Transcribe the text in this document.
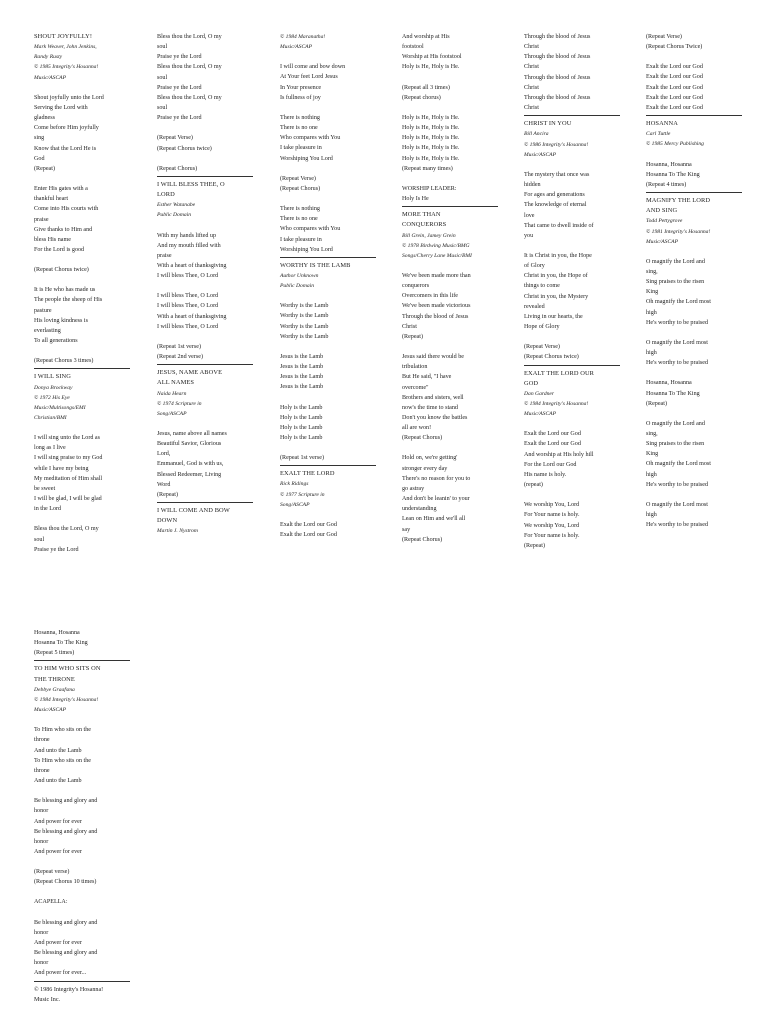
SHOUT JOYFULLY!

Mark Weaver, John Jenkins,

Randy Rusty

© 1985 Integrity's Hosanna!

Music/ASCAP

Shout joyfully unto the Lord

Serving the Lord with

gladness

Come before Him joyfully

sing

Know that the Lord He is

God

(Repeat)

Enter His gates with a

thankful heart

Come into His courts with

praise

Give thanks to Him and

bless His name

For the Lord is good

(Repeat Chorus twice)

It is He who has made us

The people the sheep of His

pasture

His loving kindness is

everlasting

To all generations

(Repeat Chorus 3 times)

I WILL SING

Donya Brockway

© 1972 His Eye

Music/Multisongs/EMI

Christian/BMI

I will sing unto the Lord as

long as I live

I will sing praise to my God

while I have my being

My meditation of Him shall

be sweet

I will be glad, I will be glad

in the Lord

Bless thou the Lord, O my

soul

Praise ye the Lord

Bless thou the Lord, O my

soul

Praise ye the Lord

Bless thou the Lord, O my

soul

Praise ye the Lord

Bless thou the Lord, O my

soul

Praise ye the Lord

(Repeat Verse)

(Repeat Chorus twice)

(Repeat Chorus)

I WILL BLESS THEE, O

LORD

Esther Watanabe

Public Domain

With my hands lifted up

And my mouth filled with

praise

With a heart of thanksgiving

I will bless Thee, O Lord

I will bless Thee, O Lord

I will bless Thee, O Lord

With a heart of thanksgiving

I will bless Thee, O Lord

(Repeat 1st verse)

(Repeat 2nd verse)

JESUS, NAME ABOVE

ALL NAMES

Naida Hearn

© 1974 Scripture in

Song/ASCAP

Jesus, name above all names

Beautiful Savior, Glorious

Lord,

Emmanuel, God is with us,

Blessed Redeemer, Living

Word

(Repeat)

I WILL COME AND BOW

DOWN

Martin J. Nystrom

© 1984 Maranatha!

Music/ASCAP

I will come and bow down

At Your feet Lord Jesus

In Your presence

Is fullness of joy

There is nothing

There is no one

Who compares with You

I take pleasure in

Worshiping You Lord

(Repeat Verse)

(Repeat Chorus)

There is nothing

There is no one

Who compares with You

I take pleasure in

Worshiping You Lord

WORTHY IS THE LAMB

Author Unknown

Public Domain

Worthy is the Lamb

Worthy is the Lamb

Worthy is the Lamb

Worthy is the Lamb

Jesus is the Lamb

Jesus is the Lamb

Jesus is the Lamb

Jesus is the Lamb

Holy is the Lamb

Holy is the Lamb

Holy is the Lamb

Holy is the Lamb

(Repeat 1st verse)

EXALT THE LORD

Rick Ridings

© 1977 Scripture in

Song/ASCAP

Exalt the Lord our God

Exalt the Lord our God

And worship at His

footstool

Worship at His footstool

Holy is He, Holy is He.

(Repeat all 3 times)

(Repeat chorus)

Holy is He, Holy is He.

Holy is He, Holy is He.

Holy is He, Holy is He.

Holy is He, Holy is He.

Holy is He, Holy is He.

(Repeat many times)

WORSHIP LEADER:

Holy Is He

MORE THAN

CONQUERORS

Bill Grein, Jamey Grein

© 1978 Birdwing Music/BMG

Songs/Cherry Lane Music/BMI

We've been made more than

conquerors

Overcomers in this life

We've been made victorious

Through the blood of Jesus

Christ

(Repeat)

Jesus said there would be

tribulation

But He said, "I have

overcome"

Brothers and sisters, well

now's the time to stand

Don't you know the battles

all are won!

(Repeat Chorus)

Hold on, we're getting'

stronger every day

There's no reason for you to

go astray

And don't be leanin' to your

understanding

Lean on Him and we'll all

say

(Repeat Chorus)

Through the blood of Jesus

Christ

Through the blood of Jesus

Christ

Through the blood of Jesus

Christ

Through the blood of Jesus

Christ

CHRIST IN YOU

Bill Ancira

© 1986 Integrity's Hosanna!

Music/ASCAP

The mystery that once was

hidden

For ages and generations

The knowledge of eternal

love

That came to dwell inside of

you

It is Christ in you, the Hope

of Glory

Christ in you, the Hope of

things to come

Christ in you, the Mystery

revealed

Living in our hearts, the

Hope of Glory

(Repeat Verse)

(Repeat Chorus twice)

EXALT THE LORD OUR

GOD

Dan Gardner

© 1984 Integrity's Hosanna!

Music/ASCAP

Exalt the Lord our God

Exalt the Lord our God

And worship at His holy hill

For the Lord our God

His name is holy.

(repeat)

We worship You, Lord

For Your name is holy.

We worship You, Lord

For Your name is holy.

(Repeat)

(Repeat Verse)

(Repeat Chorus Twice)

Exalt the Lord our God

Exalt the Lord our God

Exalt the Lord our God

Exalt the Lord our God

Exalt the Lord our God

HOSANNA

Carl Tuttle

© 1985 Mercy Publishing

Hosanna, Hosanna

Hosanna To The King

(Repeat 4 times)

MAGNIFY THE LORD

AND SING

Todd Pettygrove

© 1981 Integrity's Hosanna!

Music/ASCAP

O magnify the Lord and

sing,

Sing praises to the risen

King

Oh magnify the Lord most

high

He's worthy to be praised

O magnify the Lord most

high

He's worthy to be praised

Hosanna, Hosanna

Hosanna To The King

(Repeat)

O magnify the Lord and

sing,

Sing praises to the risen

King

Oh magnify the Lord most

high

He's worthy to be praised

O magnify the Lord most

high

He's worthy to be praised

Hosanna, Hosanna

Hosanna To The King

(Repeat 5 times)

TO HIM WHO SITS ON

THE THRONE

Debbye Graafsma

© 1984 Integrity's Hosanna!

Music/ASCAP

To Him who sits on the

throne

And unto the Lamb

To Him who sits on the

throne

And unto the Lamb

Be blessing and glory and

honor

And power for ever

Be blessing and glory and

honor

And power for ever

(Repeat verse)

(Repeat Chorus 10 times)

ACAPELLA:

Be blessing and glory and

honor

And power for ever

Be blessing and glory and

honor

And power for ever...

© 1986 Integrity's Hosanna!

Music Inc.
